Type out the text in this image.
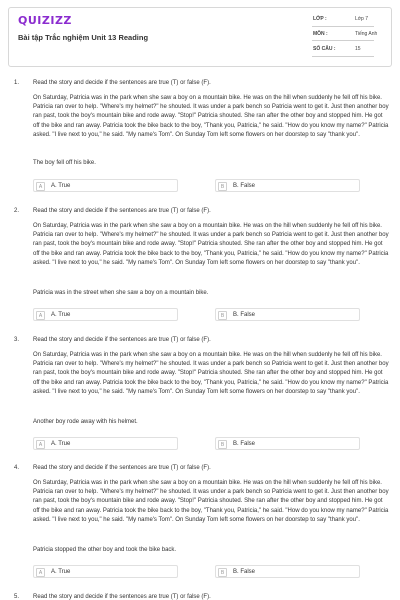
QUIZIZZ
Bài tập Trắc nghiệm Unit 13 Reading
LỚP :	Lớp 7
MÔN :	Tiếng Anh
SỐ CÂU :	15
1. Read the story and decide if the sentences are true (T) or false (F).
On Saturday, Patricia was in the park when she saw a boy on a mountain bike. He was on the hill when suddenly he fell off his bike. Patricia ran over to help. "Where's my helmet?" he shouted. It was under a park bench so Patricia went to get it. Just then another boy ran past, took the boy's mountain bike and rode away. "Stop!" Patricia shouted. She ran after the other boy and stopped him. He got off the bike and ran away. Patricia took the bike back to the boy, "Thank you, Patricia," he said. "How do you know my name?" Patricia asked. "I live next to you," he said. "My name's Tom". On Sunday Tom left some flowers on her doorstep to say "thank you".
The boy fell off his bike.
A	A. True	B	B. False
2. Read the story and decide if the sentences are true (T) or false (F).
On Saturday, Patricia was in the park when she saw a boy on a mountain bike. He was on the hill when suddenly he fell off his bike. Patricia ran over to help. "Where's my helmet?" he shouted. It was under a park bench so Patricia went to get it. Just then another boy ran past, took the boy's mountain bike and rode away. "Stop!" Patricia shouted. She ran after the other boy and stopped him. He got off the bike and ran away. Patricia took the bike back to the boy, "Thank you, Patricia," he said. "How do you know my name?" Patricia asked. "I live next to you," he said. "My name's Tom". On Sunday Tom left some flowers on her doorstep to say "thank you".
Patricia was in the street when she saw a boy on a mountain bike.
A	A. True	B	B. False
3. Read the story and decide if the sentences are true (T) or false (F).
On Saturday, Patricia was in the park when she saw a boy on a mountain bike. He was on the hill when suddenly he fell off his bike. Patricia ran over to help. "Where's my helmet?" he shouted. It was under a park bench so Patricia went to get it. Just then another boy ran past, took the boy's mountain bike and rode away. "Stop!" Patricia shouted. She ran after the other boy and stopped him. He got off the bike and ran away. Patricia took the bike back to the boy, "Thank you, Patricia," he said. "How do you know my name?" Patricia asked. "I live next to you," he said. "My name's Tom". On Sunday Tom left some flowers on her doorstep to say "thank you".
Another boy rode away with his helmet.
A	A. True	B	B. False
4. Read the story and decide if the sentences are true (T) or false (F).
On Saturday, Patricia was in the park when she saw a boy on a mountain bike. He was on the hill when suddenly he fell off his bike. Patricia ran over to help. "Where's my helmet?" he shouted. It was under a park bench so Patricia went to get it. Just then another boy ran past, took the boy's mountain bike and rode away. "Stop!" Patricia shouted. She ran after the other boy and stopped him. He got off the bike and ran away. Patricia took the bike back to the boy, "Thank you, Patricia," he said. "How do you know my name?" Patricia asked. "I live next to you," he said. "My name's Tom". On Sunday Tom left some flowers on her doorstep to say "thank you".
Patricia stopped the other boy and took the bike back.
A	A. True	B	B. False
5. Read the story and decide if the sentences are true (T) or false (F).
